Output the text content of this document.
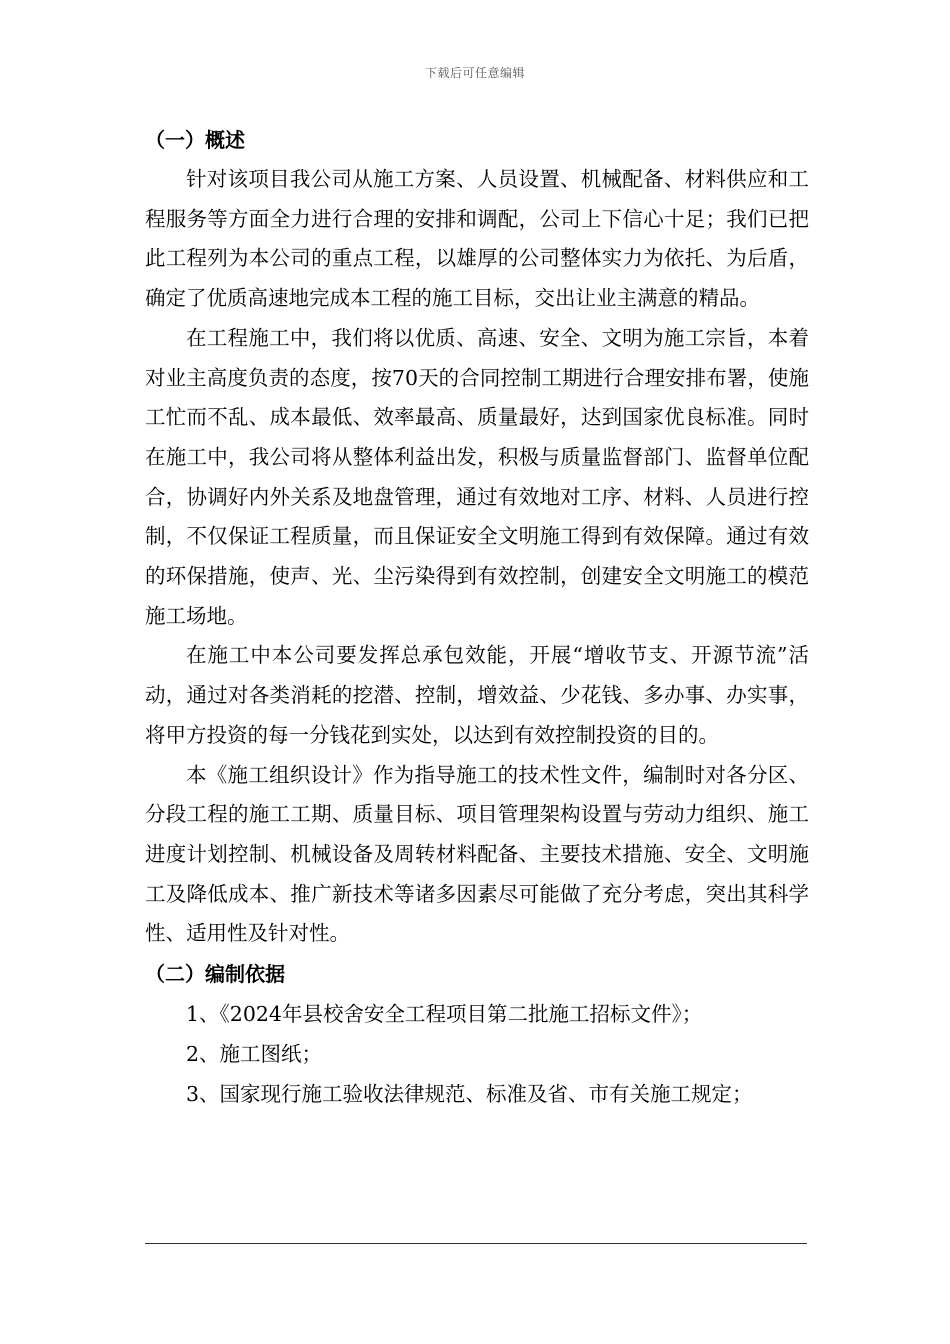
下载后可任意编辑
（一）概述

针对该项目我公司从施工方案、人员设置、机械配备、材料供应和工程服务等方面全力进行合理的安排和调配，公司上下信心十足；我们已把此工程列为本公司的重点工程，以雄厚的公司整体实力为依托、为后盾，确定了优质高速地完成本工程的施工目标，交出让业主满意的精品。

在工程施工中，我们将以优质、高速、安全、文明为施工宗旨，本着对业主高度负责的态度，按70天的合同控制工期进行合理安排布署，使施工忙而不乱、成本最低、效率最高、质量最好，达到国家优良标准。同时在施工中，我公司将从整体利益出发，积极与质量监督部门、监督单位配合，协调好内外关系及地盘管理，通过有效地对工序、材料、人员进行控制，不仅保证工程质量，而且保证安全文明施工得到有效保障。通过有效的环保措施，使声、光、尘污染得到有效控制，创建安全文明施工的模范施工场地。

在施工中本公司要发挥总承包效能，开展“增收节支、开源节流”活动，通过对各类消耗的挖潜、控制，增效益、少花钱、多办事、办实事，将甲方投资的每一分钱花到实处，以达到有效控制投资的目的。

本《施工组织设计》作为指导施工的技术性文件，编制时对各分区、分段工程的施工工期、质量目标、项目管理架构设置与劳动力组织、施工进度计划控制、机械设备及周转材料配备、主要技术措施、安全、文明施工及降低成本、推广新技术等诸多因素尽可能做了充分考虑，突出其科学性、适用性及针对性。

（二）编制依据

1、《2024年县校舍安全工程项目第二批施工招标文件》；

2、施工图纸；

3、国家现行施工验收法律规范、标准及省、市有关施工规定；
